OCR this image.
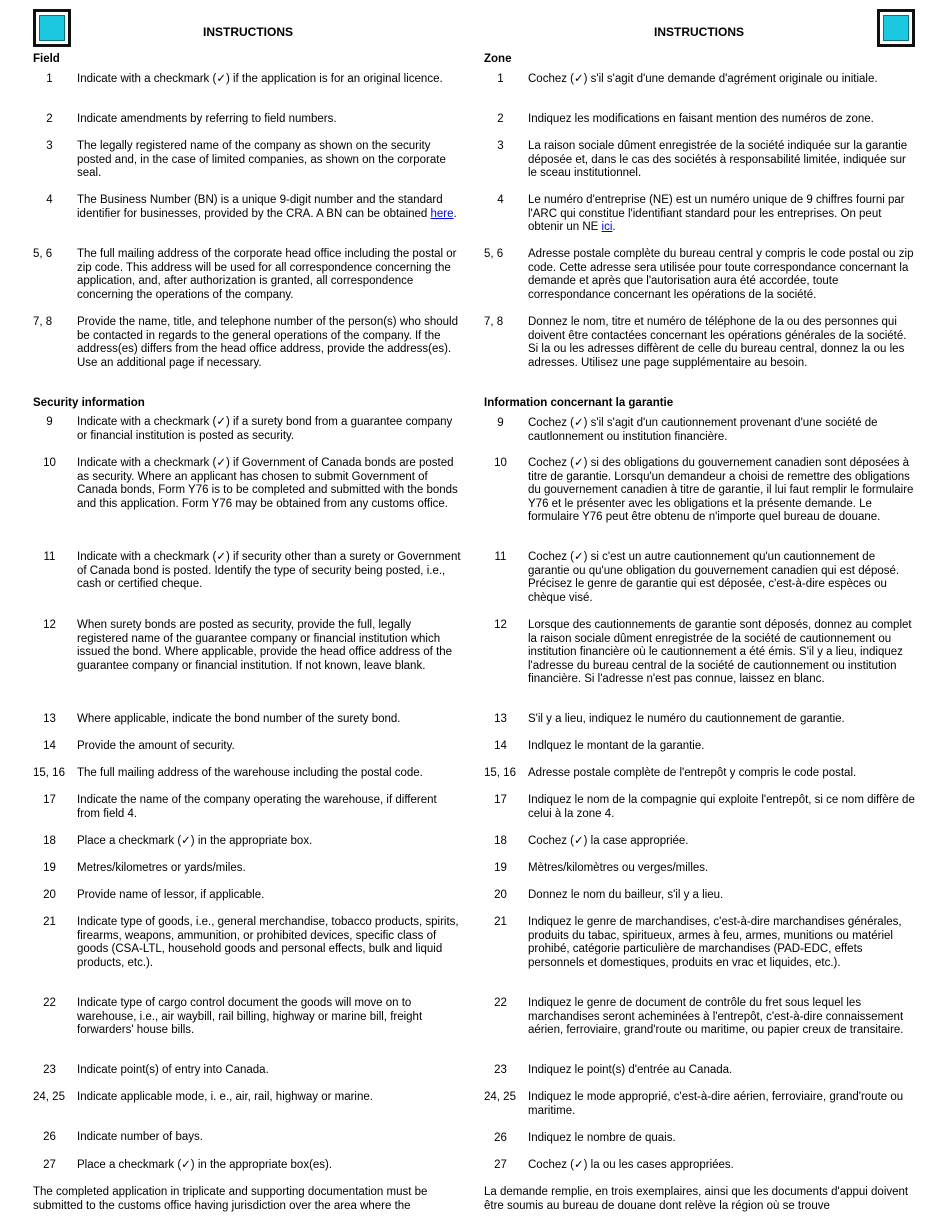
INSTRUCTIONS
Field
1	Indicate with a checkmark (✓) if the application is for an original licence.
2	Indicate amendments by referring to field numbers.
3	The legally registered name of the company as shown on the security posted and, in the case of limited companies, as shown on the corporate seal.
4	The Business Number (BN) is a unique 9-digit number and the standard identifier for businesses, provided by the CRA. A BN can be obtained here.
5, 6	The full mailing address of the corporate head office including the postal or zip code. This address will be used for all correspondence concerning the application, and, after authorization is granted, all correspondence concerning the operations of the company.
7, 8	Provide the name, title, and telephone number of the person(s) who should be contacted in regards to the general operations of the company. If the address(es) differs from the head office address, provide the address(es). Use an additional page if necessary.
Security information
9	Indicate with a checkmark (✓) if a surety bond from a guarantee company or financial institution is posted as security.
10	Indicate with a checkmark (✓) if Government of Canada bonds are posted as security. Where an applicant has chosen to submit Government of Canada bonds, Form Y76 is to be completed and submitted with the bonds and this application. Form Y76 may be obtained from any customs office.
11	Indicate with a checkmark (✓) if security other than a surety or Government of Canada bond is posted. Identify the type of security being posted, i.e., cash or certified cheque.
12	When surety bonds are posted as security, provide the full, legally registered name of the guarantee company or financial institution which issued the bond. Where applicable, provide the head office address of the guarantee company or financial institution. If not known, leave blank.
13	Where applicable, indicate the bond number of the surety bond.
14	Provide the amount of security.
15, 16	The full mailing address of the warehouse including the postal code.
17	Indicate the name of the company operating the warehouse, if different from field 4.
18	Place a checkmark (✓) in the appropriate box.
19	Metres/kilometres or yards/miles.
20	Provide name of lessor, if applicable.
21	Indicate type of goods, i.e., general merchandise, tobacco products, spirits, firearms, weapons, ammunition, or prohibited devices, specific class of goods (CSA-LTL, household goods and personal effects, bulk and liquid products, etc.).
22	Indicate type of cargo control document the goods will move on to warehouse, i.e., air waybill, rail billing, highway or marine bill, freight forwarders' house bills.
23	Indicate point(s) of entry into Canada.
24, 25	Indicate applicable mode, i. e., air, rail, highway or marine.
26	Indicate number of bays.
27	Place a checkmark (✓) in the appropriate box(es).
The completed application in triplicate and supporting documentation must be submitted to the customs office having jurisdiction over the area where the
INSTRUCTIONS
Zone
1	Cochez (✓) s'il s'agit d'une demande d'agrément originale ou initiale.
2	Indiquez les modifications en faisant mention des numéros de zone.
3	La raison sociale dûment enregistrée de la société indiquée sur la garantie déposée et, dans le cas des sociétés à responsabilité limitée, indiquée sur le sceau institutionnel.
4	Le numéro d'entreprise (NE) est un numéro unique de 9 chiffres fourni par l'ARC qui constitue l'identifiant standard pour les entreprises. On peut obtenir un NE ici.
5, 6	Adresse postale complète du bureau central y compris le code postal ou zip code. Cette adresse sera utilisée pour toute correspondance concernant la demande et après que l'autorisation aura été accordée, toute correspondance concernant les opérations de la société.
7, 8	Donnez le nom, titre et numéro de téléphone de la ou des personnes qui doivent être contactées concernant les opérations générales de la société. Si la ou les adresses diffèrent de celle du bureau central, donnez la ou les adresses. Utilisez une page supplémentaire au besoin.
Information concernant la garantie
9	Cochez (✓) s'il s'agit d'un cautionnement provenant d'une société de cautlonnement ou institution financière.
10	Cochez (✓) si des obligations du gouvernement canadien sont déposées à titre de garantie. Lorsqu'un demandeur a choisi de remettre des obligations du gouvernement canadien à titre de garantie, il lui faut remplir le formulaire Y76 et le présenter avec les obligations et la présente demande. Le formulaire Y76 peut être obtenu de n'importe quel bureau de douane.
11	Cochez (✓) si c'est un autre cautionnement qu'un cautionnement de garantie ou qu'une obligation du gouvernement canadien qui est déposé. Précisez le genre de garantie qui est déposée, c'est-à-dire espèces ou chèque visé.
12	Lorsque des cautionnements de garantie sont déposés, donnez au complet la raison sociale dûment enregistrée de la société de cautionnement ou institution financière où le cautionnement a été émis. S'il y a lieu, indiquez l'adresse du bureau central de la société de cautionnement ou institution financière. Si l'adresse n'est pas connue, laissez en blanc.
13	S'il y a lieu, indiquez le numéro du cautionnement de garantie.
14	Indlquez le montant de la garantie.
15, 16	Adresse postale complète de l'entrepôt y compris le code postal.
17	Indiquez le nom de la compagnie qui exploite l'entrepôt, si ce nom diffère de celui à la zone 4.
18	Cochez (✓) la case appropriée.
19	Mètres/kilomètres ou verges/milles.
20	Donnez le nom du bailleur, s'il y a lieu.
21	Indiquez le genre de marchandises, c'est-à-dire marchandises générales, produits du tabac, spiritueux, armes à feu, armes, munitions ou matériel prohibé, catégorie particulière de marchandises (PAD-EDC, effets personnels et domestiques, produits en vrac et liquides, etc.).
22	Indiquez le genre de document de contrôle du fret sous lequel les marchandises seront acheminées à l'entrepôt, c'est-à-dire connaissement aérien, ferroviaire, grand'route ou maritime, ou papier creux de transitaire.
23	Indiquez le point(s) d'entrée au Canada.
24, 25	Indiquez le mode approprié, c'est-à-dire aérien, ferroviaire, grand'route ou maritime.
26	Indiquez le nombre de quais.
27	Cochez (✓) la ou les cases appropriées.
La demande remplie, en trois exemplaires, ainsi que les documents d'appui doivent être soumis au bureau de douane dont relève la région où se trouve
